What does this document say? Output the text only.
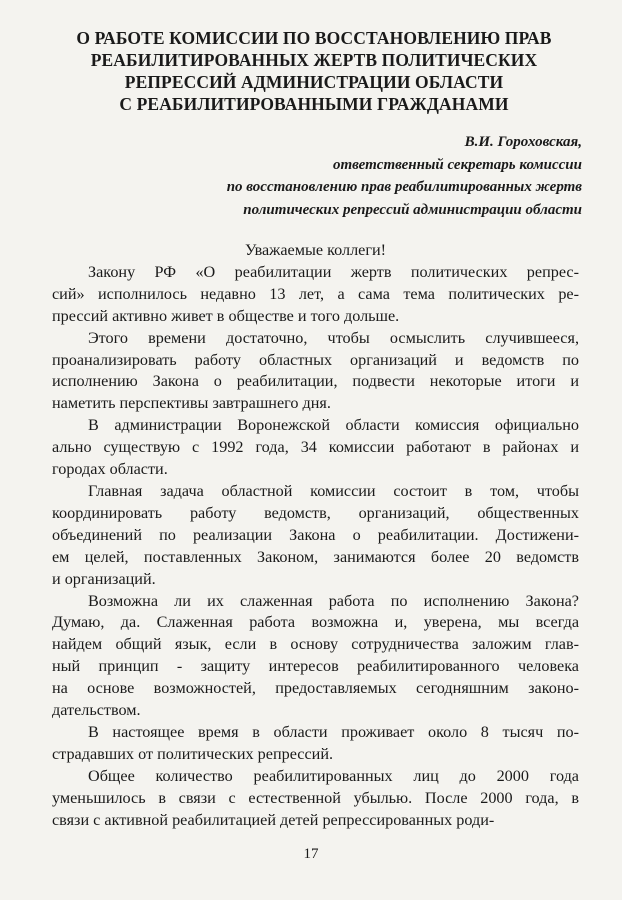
О РАБОТЕ КОМИССИИ ПО ВОССТАНОВЛЕНИЮ ПРАВ
РЕАБИЛИТИРОВАННЫХ ЖЕРТВ ПОЛИТИЧЕСКИХ
РЕПРЕССИЙ АДМИНИСТРАЦИИ ОБЛАСТИ
С РЕАБИЛИТИРОВАННЫМИ ГРАЖДАНАМИ
В.И. Гороховская,
ответственный секретарь комиссии
по восстановлению прав реабилитированных жертв
политических репрессий администрации области

Уважаемые коллеги!

Закону РФ «О реабилитации жертв политических репрес-
сий» исполнилось недавно 13 лет, а сама тема политических ре-
прессий активно живет в обществе и того дольше.

Этого времени достаточно, чтобы осмыслить случившееся,
проанализировать работу областных организаций и ведомств по
исполнению Закона о реабилитации, подвести некоторые итоги и
наметить перспективы завтрашнего дня.

В администрации Воронежской области комиссия официально
ально существую с 1992 года, 34 комиссии работают в районах и
городах области.

Главная задача областной комиссии состоит в том, чтобы
координировать работу ведомств, организаций, общественных
объединений по реализации Закона о реабилитации. Достижени-
ем целей, поставленных Законом, занимаются более 20 ведомств
и организаций.

Возможна ли их слаженная работа по исполнению Закона?
Думаю, да. Слаженная работа возможна и, уверена, мы всегда
найдем общий язык, если в основу сотрудничества заложим глав-
ный принцип - защиту интересов реабилитированного человека
на основе возможностей, предоставляемых сегодняшним законо-
дательством.

В настоящее время в области проживает около 8 тысяч по-
страдавших от политических репрессий.

Общее количество реабилитированных лиц до 2000 года
уменьшилось в связи с естественной убылью. После 2000 года, в
связи с активной реабилитацией детей репрессированных роди-

17
